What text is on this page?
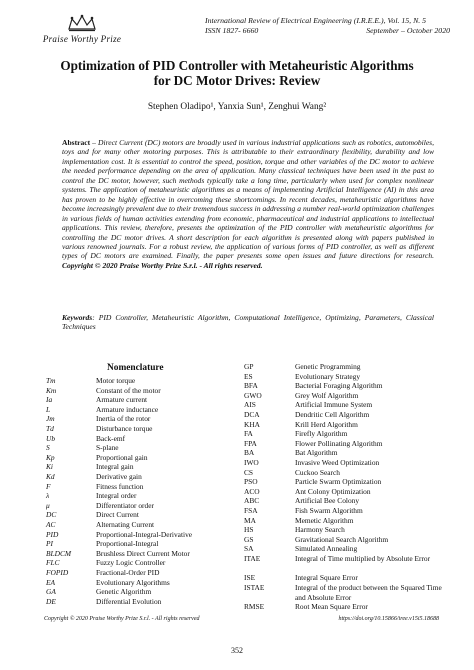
Praise Worthy Prize
International Review of Electrical Engineering (I.R.E.E.), Vol. 15, N. 5
ISSN 1827- 6660	September – October 2020
Optimization of PID Controller with Metaheuristic Algorithms
for DC Motor Drives: Review
Stephen Oladipo¹, Yanxia Sun¹, Zenghui Wang²
Abstract – Direct Current (DC) motors are broadly used in various industrial applications such as robotics, automobiles, toys and for many other motoring purposes. This is attributable to their extraordinary flexibility, durability and low implementation cost. It is essential to control the speed, position, torque and other variables of the DC motor to achieve the needed performance depending on the area of application. Many classical techniques have been used in the past to control the DC motor, however, such methods typically take a long time, particularly when used for complex nonlinear systems. The application of metaheuristic algorithms as a means of implementing Artificial Intelligence (AI) in this area has proven to be highly effective in overcoming these shortcomings. In recent decades, metaheuristic algorithms have become increasingly prevalent due to their tremendous success in addressing a number real-world optimization challenges in various fields of human activities extending from economic, pharmaceutical and industrial applications to intellectual applications. This review, therefore, presents the optimization of the PID controller with metaheuristic algorithms for controlling the DC motor drives. A short description for each algorithm is presented along with papers published in various renowned journals. For a robust review, the application of various forms of PID controller, as well as different types of DC motors are examined. Finally, the paper presents some open issues and future directions for research. Copyright © 2020 Praise Worthy Prize S.r.l. - All rights reserved.
Keywords: PID Controller, Metaheuristic Algorithm, Computational Intelligence, Optimizing, Parameters, Classical Techniques
Nomenclature
Tm	Motor torque
Km	Constant of the motor
Ia	Armature current
L	Armature inductance
Jm	Inertia of the rotor
Td	Disturbance torque
Ub	Back-emf
S	S-plane
Kp	Proportional gain
Ki	Integral gain
Kd	Derivative gain
F	Fitness function
λ	Integral order
μ	Differentiator order
DC	Direct Current
AC	Alternating Current
PID	Proportional-Integral-Derivative
PI	Proportional-Integral
BLDCM	Brushless Direct Current Motor
FLC	Fuzzy Logic Controller
FOPID	Fractional-Order PID
EA	Evolutionary Algorithms
GA	Genetic Algorithm
DE	Differential Evolution
GP	Genetic Programming
ES	Evolutionary Strategy
BFA	Bacterial Foraging Algorithm
GWO	Grey Wolf Algorithm
AIS	Artificial Immune System
DCA	Dendritic Cell Algorithm
KHA	Krill Herd Algorithm
FA	Firefly Algorithm
FPA	Flower Pollinating Algorithm
BA	Bat Algorithm
IWO	Invasive Weed Optimization
CS	Cuckoo Search
PSO	Particle Swarm Optimization
ACO	Ant Colony Optimization
ABC	Artificial Bee Colony
FSA	Fish Swarm Algorithm
MA	Memetic Algorithm
HS	Harmony Search
GS	Gravitational Search Algorithm
SA	Simulated Annealing
ITAE	Integral of Time multiplied by Absolute Error
ISE	Integral Square Error
ISTAE	Integral of the product between the Squared Time and Absolute Error
RMSE	Root Mean Square Error
Copyright © 2020 Praise Worthy Prize S.r.l. - All rights reserved	https://doi.org/10.15866/iree.v15i5.18688
352
